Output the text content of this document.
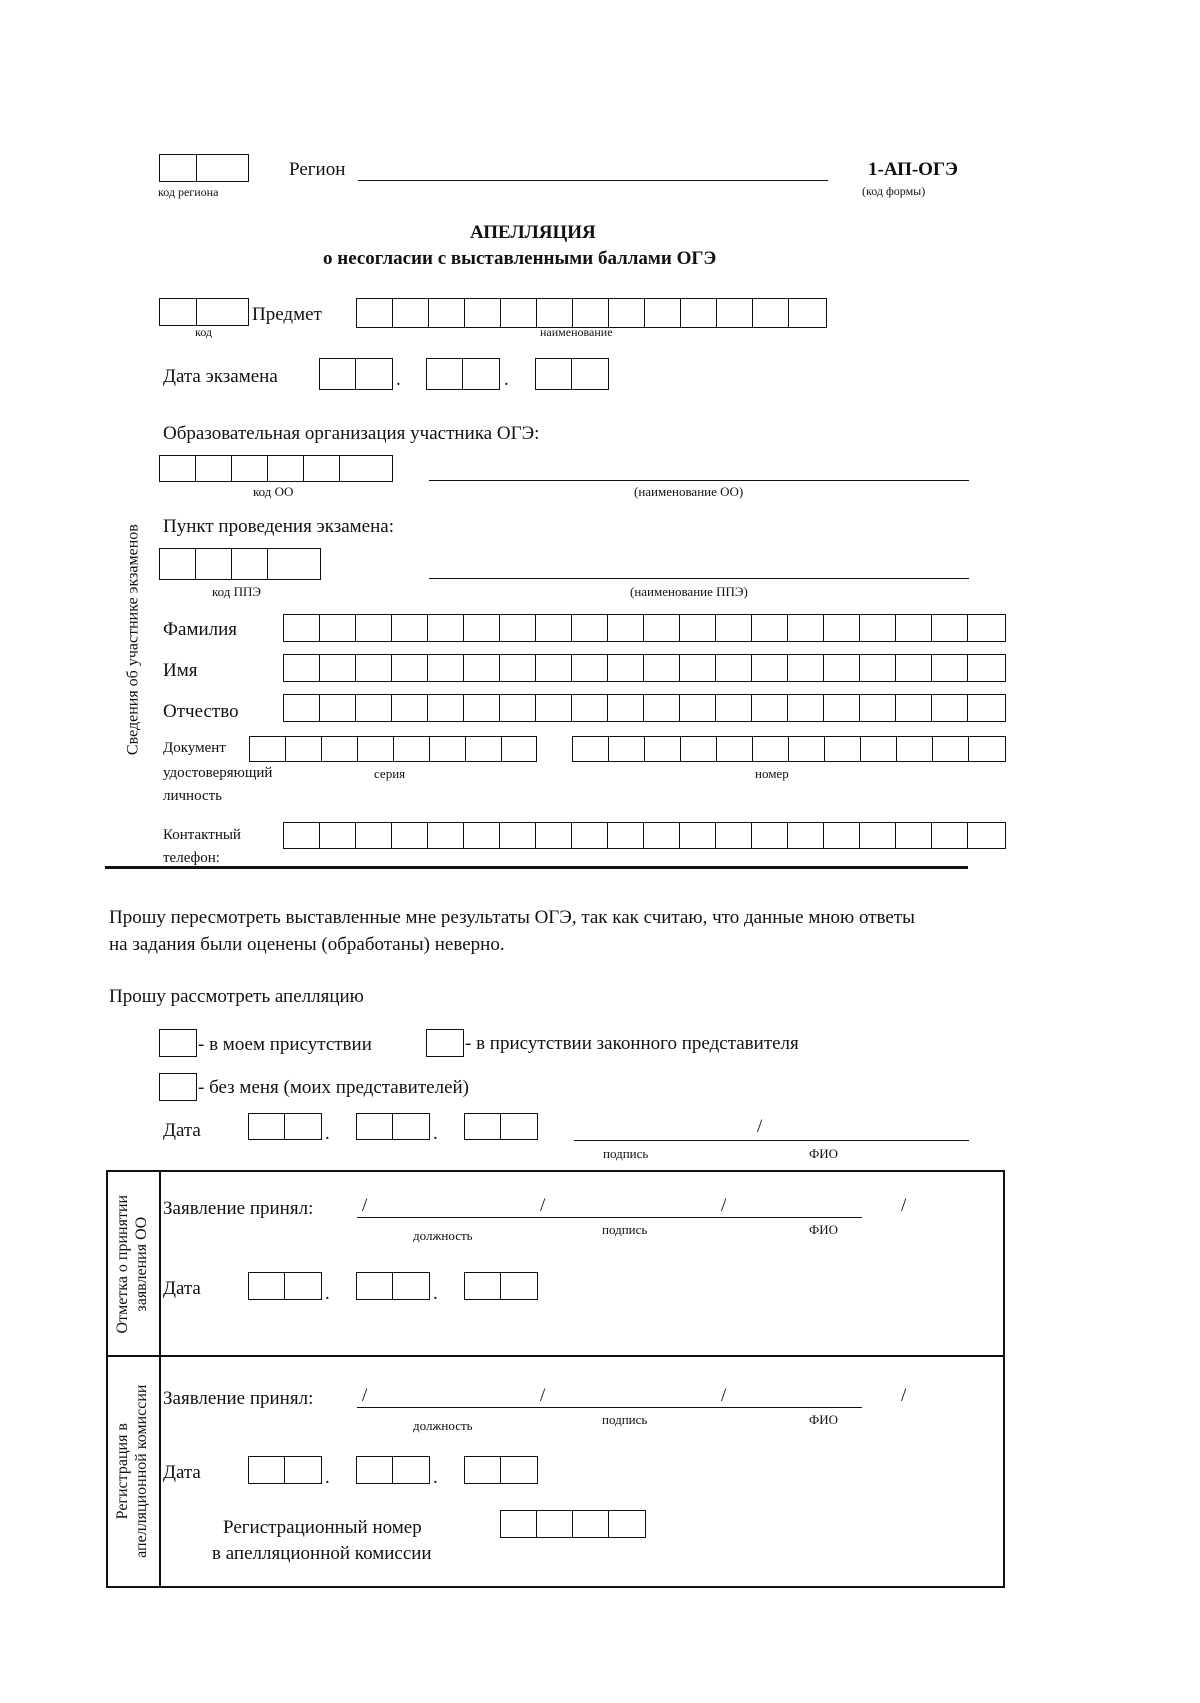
код региона
Регион	1-АП-ОГЭ
(код формы)
АПЕЛЛЯЦИЯ
о несогласии с выставленными баллами ОГЭ
код
Предмет
наименование
Дата экзамена	.	.
Образовательная организация участника ОГЭ:
код ОО	(наименование ОО)
Пункт проведения экзамена:
код ППЭ	(наименование ППЭ)
Сведения об участнике экзаменов Фамилия
Имя
Отчество
Документ
удостоверяющий
личность
серия	номер
Контактный
телефон:
Прошу пересмотреть выставленные мне результаты ОГЭ, так как считаю, что данные мною ответы
на задания были оценены (обработаны) неверно.
Прошу рассмотреть апелляцию
- в моем присутствии	- в присутствии законного представителя
- без меня (моих представителей)
Дата	.	.	/
подпись	ФИО
Отметка о принятии заявления ОО
Заявление принял:	/	/	/	/
должность	подпись	ФИО
Дата	.	.
Регистрация в апелляционной комиссии Заявление принял:	/	/	/	/
должность	подпись	ФИО
Дата	.	.
Регистрационный номер
в апелляционной комиссии
